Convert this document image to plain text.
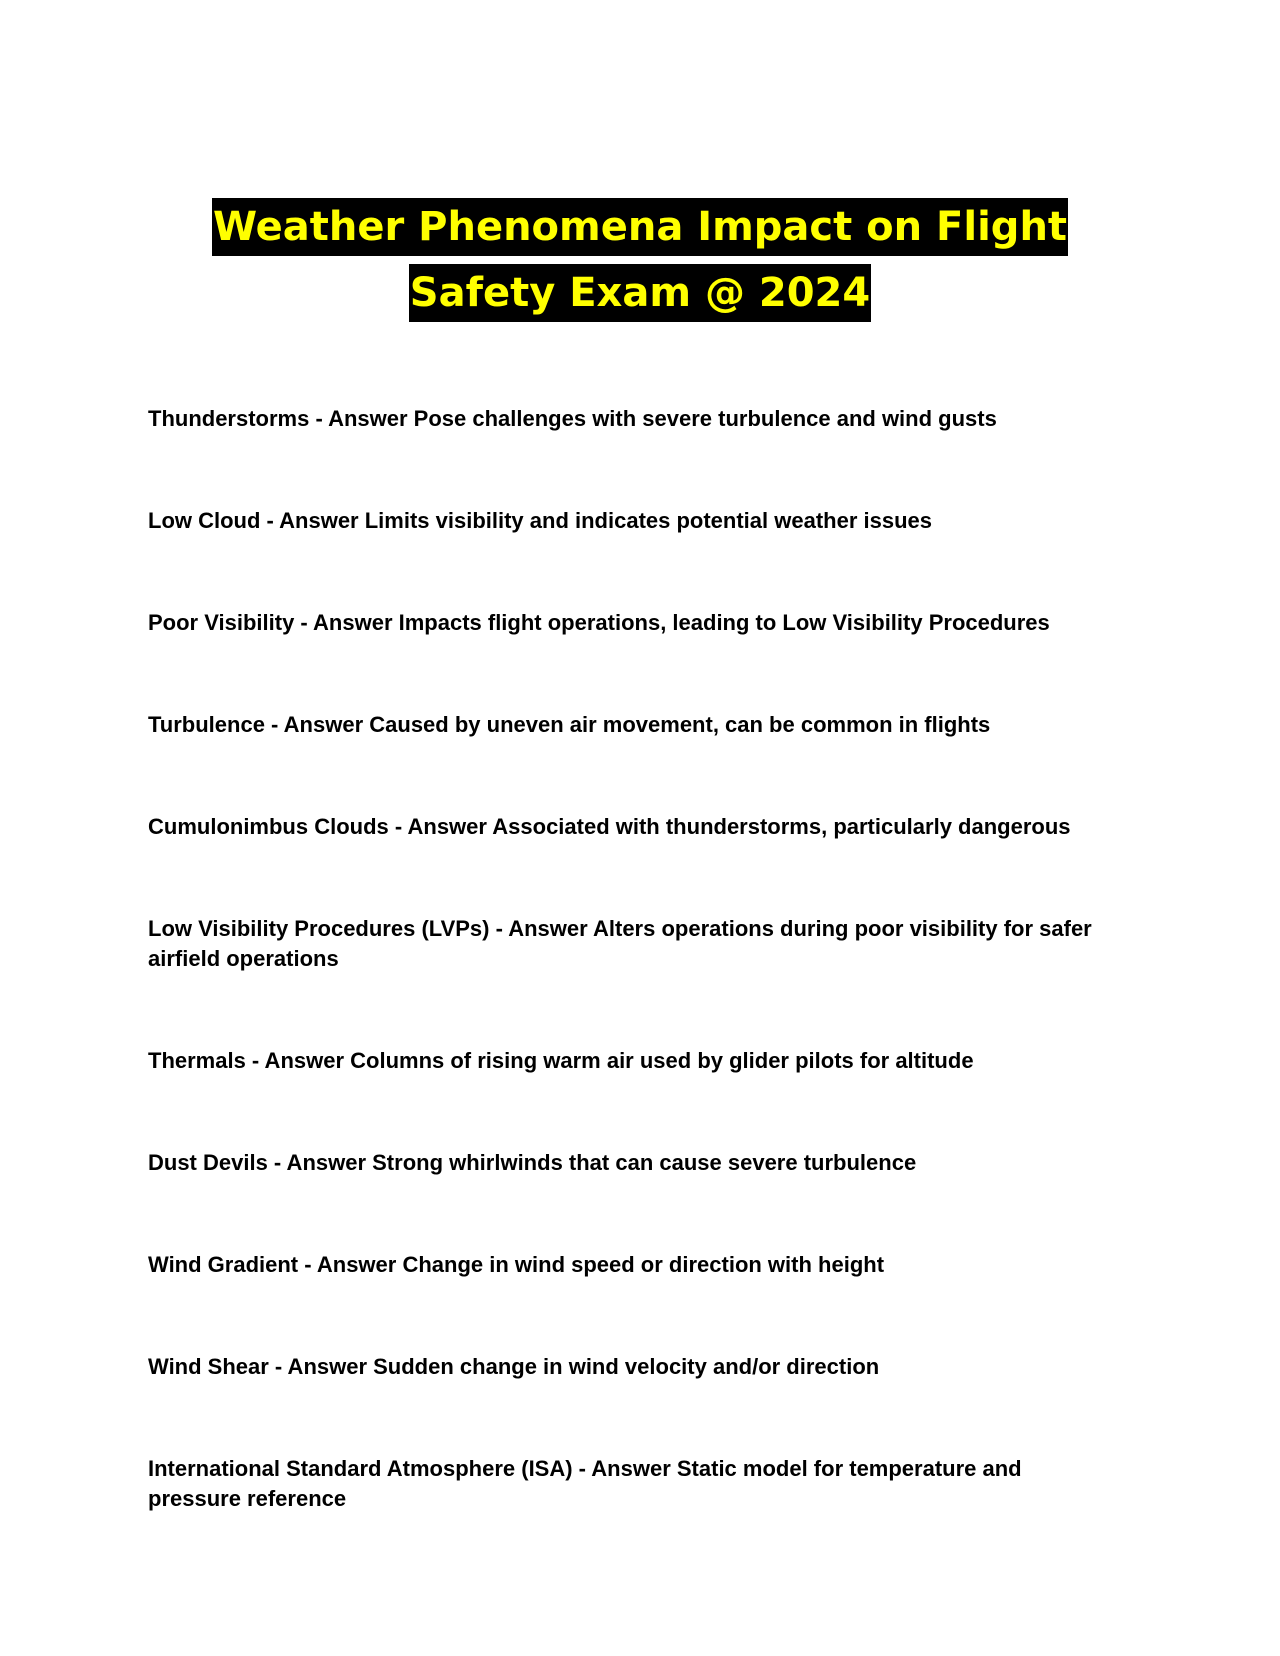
Weather Phenomena Impact on Flight
Safety Exam @ 2024
Thunderstorms - Answer Pose challenges with severe turbulence and wind gusts
Low Cloud - Answer Limits visibility and indicates potential weather issues
Poor Visibility - Answer Impacts flight operations, leading to Low Visibility Procedures
Turbulence - Answer Caused by uneven air movement, can be common in flights
Cumulonimbus Clouds - Answer Associated with thunderstorms, particularly dangerous
Low Visibility Procedures (LVPs) - Answer Alters operations during poor visibility for safer airfield operations
Thermals - Answer Columns of rising warm air used by glider pilots for altitude
Dust Devils - Answer Strong whirlwinds that can cause severe turbulence
Wind Gradient - Answer Change in wind speed or direction with height
Wind Shear - Answer Sudden change in wind velocity and/or direction
International Standard Atmosphere (ISA) - Answer Static model for temperature and pressure reference
